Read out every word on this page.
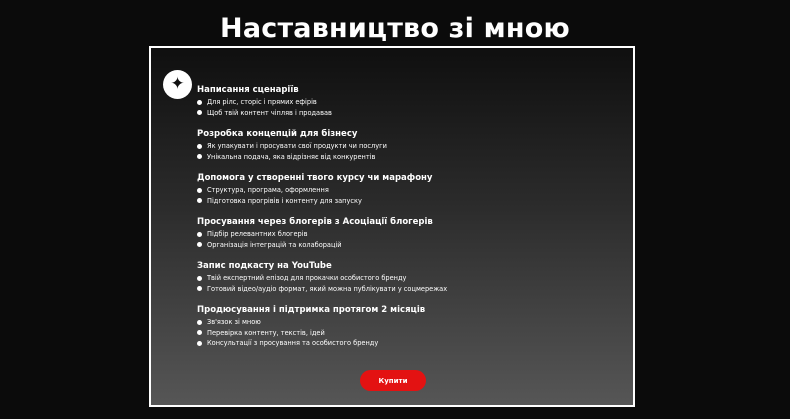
Наставництво зі мною
✦	Написання сценаріїв
Для рілс, сторіс і прямих ефірів
Щоб твій контент чіпляв і продавав
Розробка концепцій для бізнесу
Як упакувати і просувати свої продукти чи послуги
Унікальна подача, яка відрізняє від конкурентів
Допомога у створенні твого курсу чи марафону
Структура, програма, оформлення
Підготовка прогрівів і контенту для запуску
Просування через блогерів з Асоціації блогерів
Підбір релевантних блогерів
Організація інтеграцій та колаборацій
Запис подкасту на YouTube
Твій експертний епізод для прокачки особистого бренду
Готовий відео/аудіо формат, який можна публікувати у соцмережах
Продюсування і підтримка протягом 2 місяців
Зв'язок зі мною
Перевірка контенту, текстів, ідей
Консультації з просування та особистого бренду
Купити
